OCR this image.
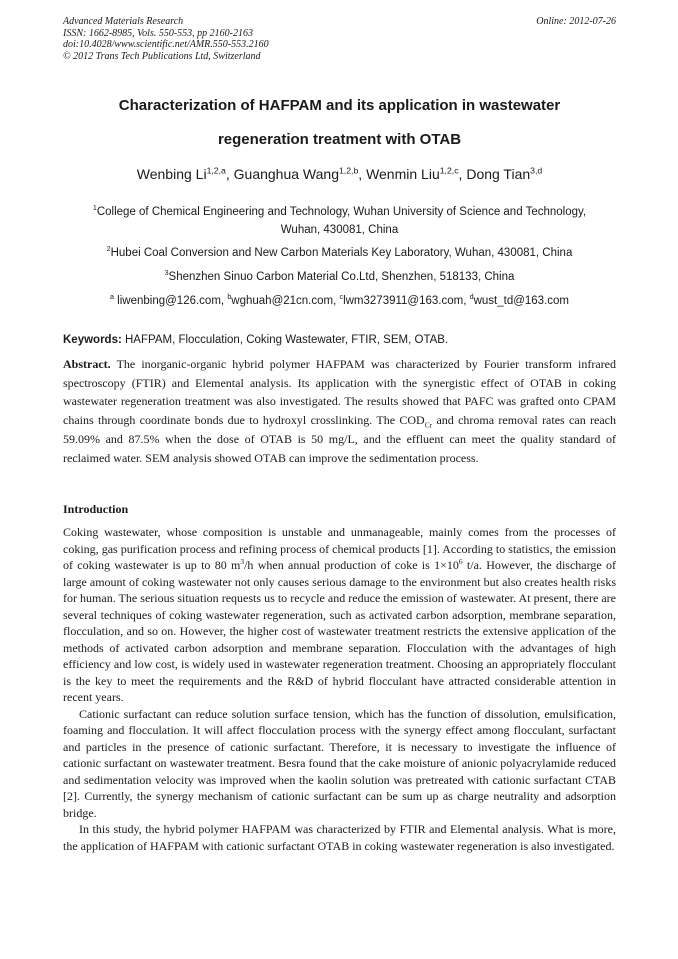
Advanced Materials Research
ISSN: 1662-8985, Vols. 550-553, pp 2160-2163
doi:10.4028/www.scientific.net/AMR.550-553.2160
© 2012 Trans Tech Publications Ltd, Switzerland
Online: 2012-07-26
Characterization of HAFPAM and its application in wastewater
regeneration treatment with OTAB
Wenbing Li$^{1,2,a}$, Guanghua Wang$^{1,2,b}$, Wenmin Liu$^{1,2,c}$, Dong Tian$^{3,d}$
$^1$College of Chemical Engineering and Technology, Wuhan University of Science and Technology,
Wuhan, 430081, China
$^2$Hubei Coal Conversion and New Carbon Materials Key Laboratory, Wuhan, 430081, China
$^3$Shenzhen Sinuo Carbon Material Co.Ltd, Shenzhen, 518133, China
$^a$ liwenbing@126.com, $^b$wghuah@21cn.com, $^c$lwm3273911@163.com, $^d$wust_td@163.com
Keywords: HAFPAM, Flocculation, Coking Wastewater, FTIR, SEM, OTAB.
Abstract. The inorganic-organic hybrid polymer HAFPAM was characterized by Fourier transform infrared spectroscopy (FTIR) and Elemental analysis. Its application with the synergistic effect of OTAB in coking wastewater regeneration treatment was also investigated. The results showed that PAFC was grafted onto CPAM chains through coordinate bonds due to hydroxyl crosslinking. The $COD_{Cr}$ and chroma removal rates can reach 59.09% and 87.5% when the dose of OTAB is 50 mg/L, and the effluent can meet the quality standard of reclaimed water. SEM analysis showed OTAB can improve the sedimentation process.
Introduction

Coking wastewater, whose composition is unstable and unmanageable, mainly comes from the processes of coking, gas purification process and refining process of chemical products [1]. According to statistics, the emission of coking wastewater is up to 80 $m^3/h$ when annual production of coke is $1\times 10^6$ t/a. However, the discharge of large amount of coking wastewater not only causes serious damage to the environment but also creates health risks for human. The serious situation requests us to recycle and reduce the emission of wastewater. At present, there are several techniques of coking wastewater regeneration, such as activated carbon adsorption, membrane separation, flocculation, and so on. However, the higher cost of wastewater treatment restricts the extensive application of the methods of activated carbon adsorption and membrane separation. Flocculation with the advantages of high efficiency and low cost, is widely used in wastewater regeneration treatment. Choosing an appropriately flocculant is the key to meet the requirements and the R&D of hybrid flocculant have attracted considerable attention in recent years.

Cationic surfactant can reduce solution surface tension, which has the function of dissolution, emulsification, foaming and flocculation. It will affect flocculation process with the synergy effect among flocculant, surfactant and particles in the presence of cationic surfactant. Therefore, it is necessary to investigate the influence of cationic surfactant on wastewater treatment. Besra found that the cake moisture of anionic polyacrylamide reduced and sedimentation velocity was improved when the kaolin solution was pretreated with cationic surfactant CTAB [2]. Currently, the synergy mechanism of cationic surfactant can be sum up as charge neutrality and adsorption bridge.

In this study, the hybrid polymer HAFPAM was characterized by FTIR and Elemental analysis. What is more, the application of HAFPAM with cationic surfactant OTAB in coking wastewater regeneration is also investigated.
